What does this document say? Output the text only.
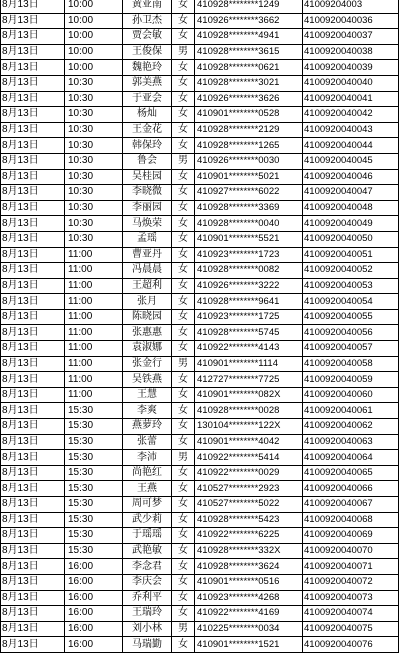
8月13日	10:00	黄亚南	女	410928********1249	41009204003
8月13日	10:00	孙卫杰	女	410926********3662	4100920040036
8月13日	10:00	贾会敏	女	410928********4941	4100920040037
8月13日	10:00	王俊保	男	410928********3615	4100920040038
8月13日	10:00	魏艳玲	女	410928********0621	4100920040039
8月13日	10:30	郭美燕	女	410928********3021	4100920040040
8月13日	10:30	于亚会	女	410926********3626	4100920040041
8月13日	10:30	杨灿	女	410901********0528	4100920040042
8月13日	10:30	王金花	女	410928********2129	4100920040043
8月13日	10:30	韩保玲	女	410928********1265	4100920040044
8月13日	10:30	鲁会	男	410926********0030	4100920040045
8月13日	10:30	吴桂园	女	410901********5021	4100920040046
8月13日	10:30	李晓微	女	410927********6022	4100920040047
8月13日	10:30	李丽园	女	410928********3369	4100920040048
8月13日	10:30	马焕荣	女	410928********0040	4100920040049
8月13日	10:30	孟瑶	女	410901********5521	4100920040050
8月13日	11:00	曹亚丹	女	410923********1723	4100920040051
8月13日	11:00	冯晨晨	女	410928********0082	4100920040052
8月13日	11:00	王超利	女	410926********3222	4100920040053
8月13日	11:00	张月	女	410928********9641	4100920040054
8月13日	11:00	陈晓园	女	410923********1725	4100920040055
8月13日	11:00	张惠惠	女	410928********5745	4100920040056
8月13日	11:00	袁淑娜	女	410922********4143	4100920040057
8月13日	11:00	张金行	男	410901********1114	4100920040058
8月13日	11:00	吴铁燕	女	412727********7725	4100920040059
8月13日	11:00	王慧	女	410901********082X	4100920040060
8月13日	15:30	李爽	女	410928********0028	4100920040061
8月13日	15:30	燕萝玲	女	130104********122X	4100920040062
8月13日	15:30	张蕾	女	410901********4042	4100920040063
8月13日	15:30	李沛	男	410922********5414	4100920040064
8月13日	15:30	尚艳红	女	410922********0029	4100920040065
8月13日	15:30	王燕	女	410527********2923	4100920040066
8月13日	15:30	周可梦	女	410527********5022	4100920040067
8月13日	15:30	武少莉	女	410928********5423	4100920040068
8月13日	15:30	于瑶瑶	女	410922********6225	4100920040069
8月13日	15:30	武艳敏	女	410928********332X	4100920040070
8月13日	16:00	李念君	女	410928********3624	4100920040071
8月13日	16:00	李庆会	女	410901********0516	4100920040072
8月13日	16:00	乔利平	女	410923********4268	4100920040073
8月13日	16:00	王瑞玲	女	410922********4169	4100920040074
8月13日	16:00	刘小林	男	410225********0034	4100920040075
8月13日	16:00	马瑞勤	女	410901********1521	4100920040076
